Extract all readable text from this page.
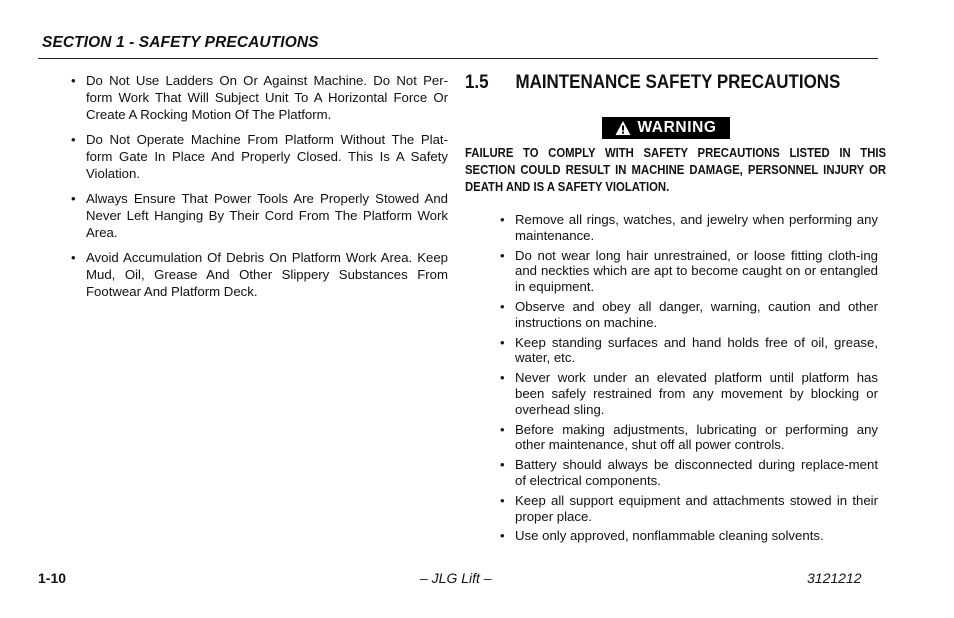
SECTION 1 - SAFETY PRECAUTIONS
• Do Not Use Ladders On Or Against Machine. Do Not Per-form Work That Will Subject Unit To A Horizontal Force Or Create A Rocking Motion Of The Platform.
• Do Not Operate Machine From Platform Without The Plat-form Gate In Place And Properly Closed. This Is A Safety Violation.
• Always Ensure That Power Tools Are Properly Stowed And Never Left Hanging By Their Cord From The Platform Work Area.
• Avoid Accumulation Of Debris On Platform Work Area. Keep Mud, Oil, Grease And Other Slippery Substances From Footwear And Platform Deck.
1.5 MAINTENANCE SAFETY PRECAUTIONS
WARNING
FAILURE TO COMPLY WITH SAFETY PRECAUTIONS LISTED IN THIS SECTION COULD RESULT IN MACHINE DAMAGE, PERSONNEL INJURY OR DEATH AND IS A SAFETY VIOLATION.
• Remove all rings, watches, and jewelry when performing any maintenance.
• Do not wear long hair unrestrained, or loose fitting cloth-ing and neckties which are apt to become caught on or entangled in equipment.
• Observe and obey all danger, warning, caution and other instructions on machine.
• Keep standing surfaces and hand holds free of oil, grease, water, etc.
• Never work under an elevated platform until platform has been safely restrained from any movement by blocking or overhead sling.
• Before making adjustments, lubricating or performing any other maintenance, shut off all power controls.
• Battery should always be disconnected during replace-ment of electrical components.
• Keep all support equipment and attachments stowed in their proper place.
• Use only approved, nonflammable cleaning solvents.
1-10	– JLG Lift –	3121212
